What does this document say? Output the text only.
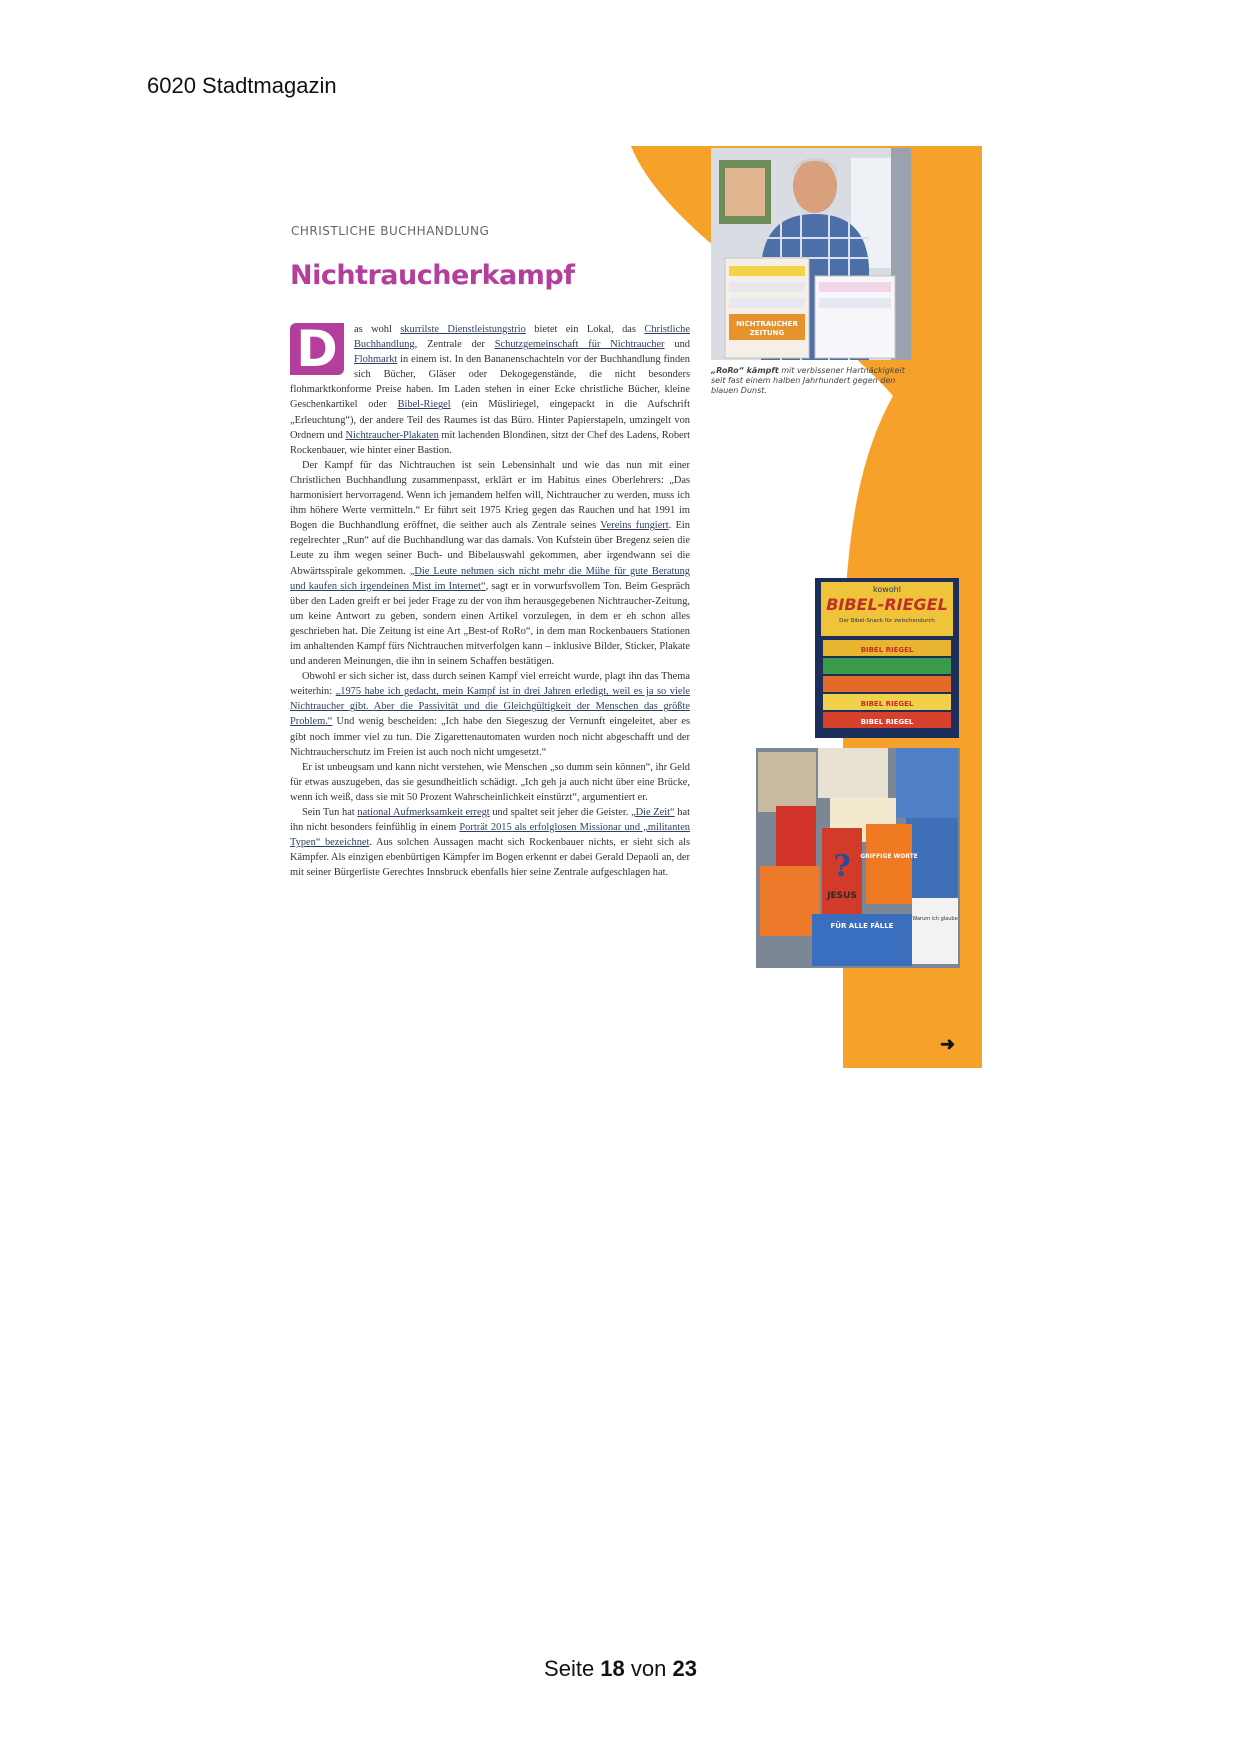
6020 Stadtmagazin
CHRISTLICHE BUCHHANDLUNG
Nichtraucherkampf

D	as wohl skurrilste Dienstleistungstrio bietet ein Lokal, das Christliche Buchhandlung, Zentrale der Schutzgemeinschaft für Nichtraucher und Flohmarkt in einem ist. In den Bananenschachteln vor der Buchhandlung finden sich Bücher, Gläser oder Dekogegenstände, die nicht besonders flohmarktkonforme Preise haben. Im Laden stehen in einer Ecke christliche Bücher, kleine Geschenkartikel oder Bibel-Riegel (ein Müsliriegel, eingepackt in die Aufschrift „Erleuchtung“), der andere Teil des Raumes ist das Büro. Hinter Papierstapeln, umzingelt von Ordnern und Nichtraucher-Plakaten mit lachenden Blondinen, sitzt der Chef des Ladens, Robert Rockenbauer, wie hinter einer Bastion.

Der Kampf für das Nichtrauchen ist sein Lebensinhalt und wie das nun mit einer Christlichen Buchhandlung zusammenpasst, erklärt er im Habitus eines Oberlehrers: „Das harmonisiert hervorragend. Wenn ich jemandem helfen will, Nichtraucher zu werden, muss ich ihm höhere Werte vermitteln.“ Er führt seit 1975 Krieg gegen das Rauchen und hat 1991 im Bogen die Buchhandlung eröffnet, die seither auch als Zentrale seines Vereins fungiert. Ein regelrechter „Run“ auf die Buchhandlung war das damals. Von Kufstein über Bregenz seien die Leute zu ihm wegen seiner Buch- und Bibelauswahl gekommen, aber irgendwann sei die Abwärtsspirale gekommen. „Die Leute nehmen sich nicht mehr die Mühe für gute Beratung und kaufen sich irgendeinen Mist im Internet“, sagt er in vorwurfsvollem Ton. Beim Gespräch über den Laden greift er bei jeder Frage zu der von ihm herausgegebenen Nichtraucher-Zeitung, um keine Antwort zu geben, sondern einen Artikel vorzulegen, in dem er eh schon alles geschrieben hat. Die Zeitung ist eine Art „Best-of RoRo“, in dem man Rockenbauers Stationen im anhaltenden Kampf fürs Nichtrauchen mitverfolgen kann – inklusive Bilder, Sticker, Plakate und anderen Meinungen, die ihn in seinem Schaffen bestätigen.

Obwohl er sich sicher ist, dass durch seinen Kampf viel erreicht wurde, plagt ihn das Thema weiterhin: „1975 habe ich gedacht, mein Kampf ist in drei Jahren erledigt, weil es ja so viele Nichtraucher gibt. Aber die Passivität und die Gleichgültigkeit der Menschen das größte Problem.“ Und wenig bescheiden: „Ich habe den Siegeszug der Vernunft eingeleitet, aber es gibt noch immer viel zu tun. Die Zigarettenautomaten wurden noch nicht abgeschafft und der Nichtraucherschutz im Freien ist auch noch nicht umgesetzt.“

Er ist unbeugsam und kann nicht verstehen, wie Menschen „so dumm sein können“, ihr Geld für etwas auszugeben, das sie gesundheitlich schädigt. „Ich geh ja auch nicht über eine Brücke, wenn ich weiß, dass sie mit 50 Prozent Wahrscheinlichkeit einstürzt“, argumentiert er.

Sein Tun hat national Aufmerksamkeit erregt und spaltet seit jeher die Geister. „Die Zeit“ hat ihn nicht besonders feinfühlig in einem Porträt 2015 als erfolglosen Missionar und „militanten Typen“ bezeichnet. Aus solchen Aussagen macht sich Rockenbauer nichts, er sieht sich als Kämpfer. Als einzigen ebenbürtigen Kämpfer im Bogen erkennt er dabei Gerald Depaoli an, der mit seiner Bürgerliste Gerechtes Innsbruck ebenfalls hier seine Zentrale aufgeschlagen hat.

NICHTRAUCHER
ZEITUNG
„RoRo“ kämpft mit verbissener Hartnäckigkeit seit fast einem halben Jahrhundert gegen den blauen Dunst.
kowohl
BIBEL-RIEGEL
Der Bibel-Snack für zwischendurch
BIBEL RIEGEL
BIBEL RIEGEL
BIBEL RIEGEL
?
JESUS
GRIFFIGE WORTE
FÜR ALLE FÄLLE
Warum ich glaube
➜
Seite 18 von 23
